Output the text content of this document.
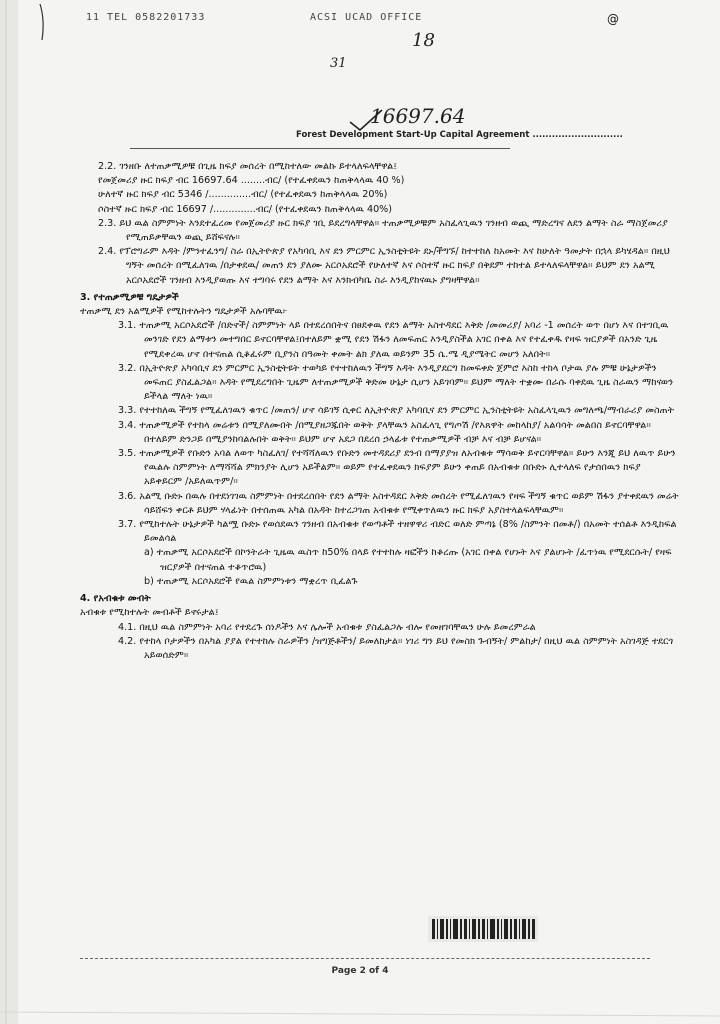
11 TEL 0582201733	ACSI UCAD OFFICE	@
18
31
16697.64
Forest Development Start-Up Capital Agreement ............................

2.2. ገንዘቡ ለተጠቃሚዎቹ በጊዜ ክፍያ መሰረት በሚከተለው መልኩ ይተላለፍላቸዋል፤

የመጀመሪያ ዙር ክፍያ ብር 16697.64 ........ብር/ (የተፈቀደዉን ከጠቅላላዉ 40 %)

ሁለተኛ ዙር ክፍያ ብር 5346 /..............ብር/ (የተፈቀደዉን ከጠቅላላዉ 20%)

ሶስተኛ ዙር ክፍያ ብር 16697 /..............ብር/ (የተፈቀደዉን ከጠቅላላዉ 40%)

2.3. ይህ ዉል ስምምነት እንደተፈረመ የመጀመሪያ ዙር ክፍያ ገቢ ይደረግላቸዋል። ተጠቃሚዎቹም አስፈላጊዉን ገንዘብ ወጪ ማድረግና ለደን ልማት ስራ ማስጀመሪያ የሚጠይቃቸዉን ወጪ ይሸፍናሉ።

2.4. የፕሮግራም እዳት /ምንተፈንግ/ ስራ በኢትዮጵያ የአካባቢ እና ደን ምርምር ኢንስቲትዩት ደኑ/ችግኙ/ ከተተከለ ከአመት እና ከሁለት ዓመታት በኋላ ይካሄዳል። በዚህ ግኝት መሰረት በሚፈለገዉ /በታቀደዉ/ መጠን ደን ያለሙ አርሶአደሮች የሁለተኛ እና ሶስተኛ ዙር ክፍያ በቅደም ተከተል ይተላለፍላቸዋል። ይህም ደን አልሚ አርሶአደሮች ገንዘብ እንዲያወጡ እና ተግባሩ የደን ልማት እና እንክብካቤ ስራ እንዲያከናዉኑ ያግዛቸዋል።

3. የተጠቃሚዎቹ ግዴታዎች

ተጠቃሚ ደን አልሚዎች የሚከተሉትን ግዴታዎች አሉባቸዉ፦

3.1. ተጠቃሚ አርሶአደሮች /በድኖች/ ስምምነት ላይ በተደረሰበትና በፀደቀዉ የደን ልማት አስተዳደር እቅድ /መመሪያ/ አባሪ -1 መሰረት ወጥ በሆነ እና በተገቢዉ መንገድ የደን ልማቱን መተግበር ይኖርባቸዋል፤በተለይም ቋሚ የደን ሽፋን ለመፍጠር እንዲያስችል አገር በቀል እና የተፈቀዱ የዛፍ ዝርያዎች በአንድ ጊዜ የሚደቀረዉ ሆኖ በተናጠል ሲቆፈሩም ቢያንስ በዓመት ቀመት ልክ ያለዉ ወይንም 35 ሴ.ሜ ዲያሜትር መሆን አለበት።

3.2. በኢትዮጵያ አካባቢና ደን ምርምር ኢንስቲትዩት ተወካይ የተተከለዉን ችግኝ እዳት እንዲያደርግ ከመፍቀድ ጀምሮ እስከ ተከላ ቦታዉ ያሉ ምቹ ሁኔታዎችን መፍጠር ያስፈልጋል። እዳት የሚደረግበት ጊዜም ለተጠቃሚዎች ቅድመ ሁኔታ ሲሆን አይገባም። ይህም ማለት ተቋሙ በራሱ ባቀደዉ ጊዜ ስራዉን ማከናወን ይችላል ማለት ነዉ።

3.3. የተተከለዉ ችግኝ የሚፈለገዉን ቁጥር /መጠን/ ሆኖ ሳይገኝ ሲቀር ለኢትዮጵያ አካባቢና ደን ምርምር ኢንስቲትዩት አስፈላጊዉን መግለጫ/ማብራሪያ መስጠት

3.4. ተጠቃሚዎች የተከላ መሬቱን በሚያለሙበት /በሚያዘጋጁበት ወቅት ያላቸዉን አስፈላጊ የግጦሽ /የእጸዋት መከላከያ/ አልባሳት መልበስ ይኖርባቸዋል። በተለይም ድንጋይ በሚያንከባልሉበት ወቅት። ይህም ሆኖ አደጋ በደረሰ ኃላፊቱ የተጠቃሚዎች ብቻ እና ብቻ ይሆናል።

3.5. ተጠቃሚዎች የቡድን አባል ለወጥ ካስፈለገ/ የተሻሻለዉን የቡድን መተዳደሪያ ደንብ በማያያዝ ለአብቁቱ ማሳወቅ ይኖርባቸዋል። ይሁን እንጂ ይህ ለዉጥ ይሁን የዉልሉ ስምምነት ለማሻሻል ምክንያት ሊሆን አይችልም። ወይም የተፈቀደዉን ክፍያም ይሁን ቀጠይ በአብቁቱ በቡድኑ ሊተላለፍ የታሰበዉን ክፍያ አይቀይርም /አይለዉጥም/።

3.6. አልሚ ቡድኑ በዉሉ በተደነገገዉ ስምምነት በተደረሰበት የደን ልማት አስተዳደር እቅድ መሰረት የሚፈለገዉን የዛፍ ችግኝ ቁጥር ወይም ሽፋን ያተቀደዉን መሬት ሳይሸፍን ቀርቶ ይህም ሃላፊነት በተሰጠዉ አካል በአዳት ከተረጋገጠ አብቁቱ የሚቀጥለዉን ዙር ክፍያ አያስተላልፍላቸዉም።

3.7. የሚከተሉት ሁኔታዎች ካልሟ ቡድኑ የወሰደዉን ገንዘብ በአብቁቱ የወጣቶች ተዘዋዋሪ ብድር ወለድ ምጣኔ (8% /ስምንት በመቶ/) በአመት ተሰልቶ እንዲከፍል ይመልሳል

a) ተጠቃሚ አርሶአደሮች በኮንትራት ጊዜዉ ዉስጥ ከ50% በላይ የተተከሉ ዛፎችን ከቆረጡ (አገር በቀል የሆኑት እና ያልሆኑት /ፈጥነዉ የሚደርሱት/ የዛፍ ዝርያዎች በተናጠል ተቆጥሮዉ)

b) ተጠቃሚ አርሶአደሮች የዉል ስምምነቱን ማቋረጥ ቢፈልጉ

4. የአብቁቱ መብት

አብቁቱ የሚከተሉት መብቶች ይኖሩታል፤

4.1. በዚህ ዉል ስምምነት አባሪ የተደረጉ ሰነዶችን እና ሌሎች አብቁቱ ያስፈልጋሉ ብሎ የመዘገባቸዉን ሁሉ ይመረምራል

4.2. የተከላ ቦታዎችን በአካል ያያል የተተከሉ ስራዎችን /ዝግጅቶችን/ ይመለከታል። ነገሪ ግን ይህ የመስክ ጉብኝት/ ምልከታ/ በዚህ ዉል ስምምነት አስገዳጅ ተደርጎ አይወሰድም።

Page 2 of 4
